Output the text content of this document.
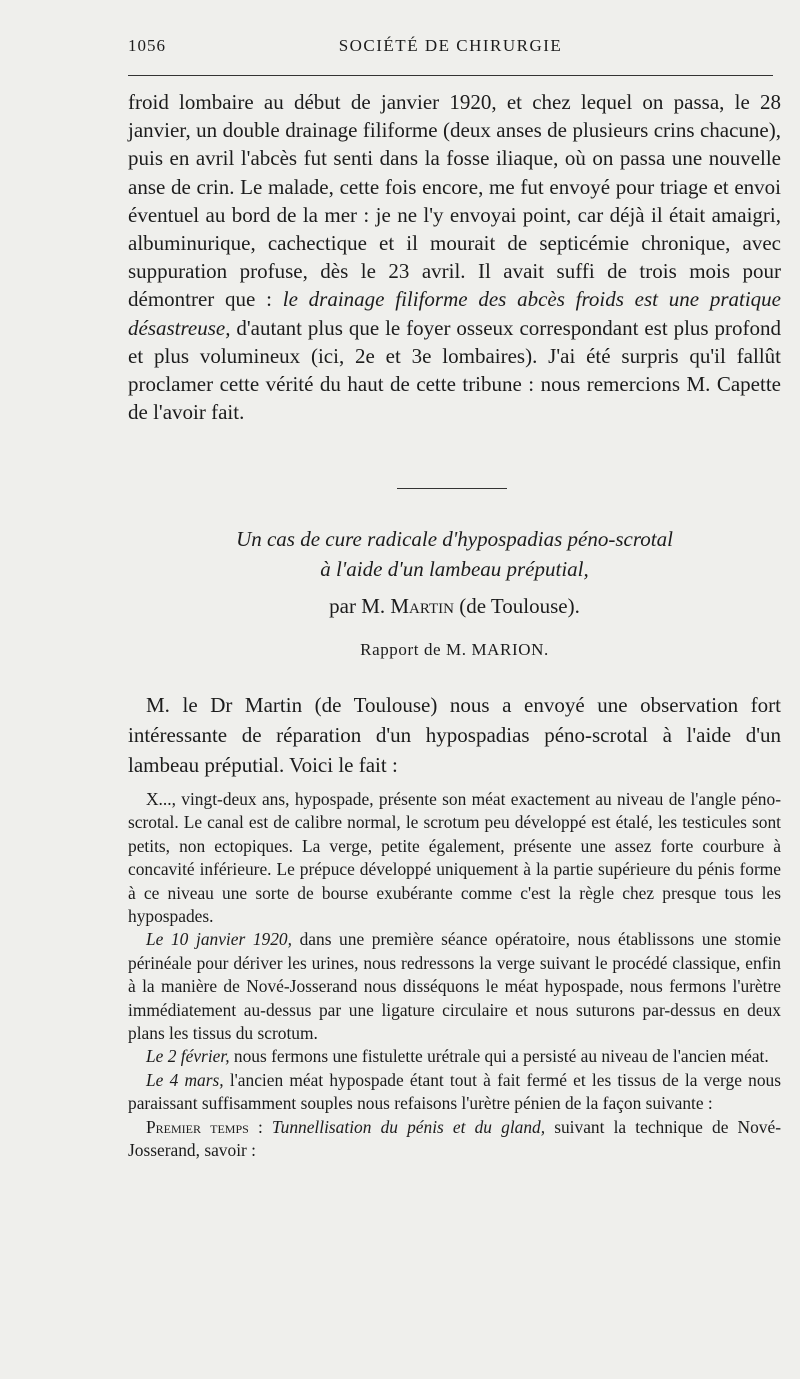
1056	SOCIÉTÉ DE CHIRURGIE

froid lombaire au début de janvier 1920, et chez lequel on passa, le 28 janvier, un double drainage filiforme (deux anses de plusieurs crins chacune), puis en avril l'abcès fut senti dans la fosse iliaque, où on passa une nouvelle anse de crin. Le malade, cette fois encore, me fut envoyé pour triage et envoi éventuel au bord de la mer : je ne l'y envoyai point, car déjà il était amaigri, albuminurique, cachectique et il mourait de septicémie chronique, avec suppuration profuse, dès le 23 avril. Il avait suffi de trois mois pour démontrer que : le drainage filiforme des abcès froids est une pratique désastreuse, d'autant plus que le foyer osseux correspondant est plus profond et plus volumineux (ici, 2e et 3e lombaires). J'ai été surpris qu'il fallût proclamer cette vérité du haut de cette tribune : nous remercions M. Capette de l'avoir fait.

Un cas de cure radicale d'hypospadias péno-scrotal
à l'aide d'un lambeau préputial,
par M. Martin (de Toulouse).
Rapport de M. MARION.

M. le Dr Martin (de Toulouse) nous a envoyé une observation fort intéressante de réparation d'un hypospadias péno-scrotal à l'aide d'un lambeau préputial. Voici le fait :

X..., vingt-deux ans, hypospade, présente son méat exactement au niveau de l'angle péno-scrotal. Le canal est de calibre normal, le scrotum peu développé est étalé, les testicules sont petits, non ectopiques. La verge, petite également, présente une assez forte courbure à concavité inférieure. Le prépuce développé uniquement à la partie supérieure du pénis forme à ce niveau une sorte de bourse exubérante comme c'est la règle chez presque tous les hypospades.

Le 10 janvier 1920, dans une première séance opératoire, nous établissons une stomie périnéale pour dériver les urines, nous redressons la verge suivant le procédé classique, enfin à la manière de Nové-Josserand nous disséquons le méat hypospade, nous fermons l'urètre immédiatement au-dessus par une ligature circulaire et nous suturons par-dessus en deux plans les tissus du scrotum.

Le 2 février, nous fermons une fistulette urétrale qui a persisté au niveau de l'ancien méat.

Le 4 mars, l'ancien méat hypospade étant tout à fait fermé et les tissus de la verge nous paraissant suffisamment souples nous refaisons l'urètre pénien de la façon suivante :

Premier temps : Tunnellisation du pénis et du gland, suivant la technique de Nové-Josserand, savoir :
